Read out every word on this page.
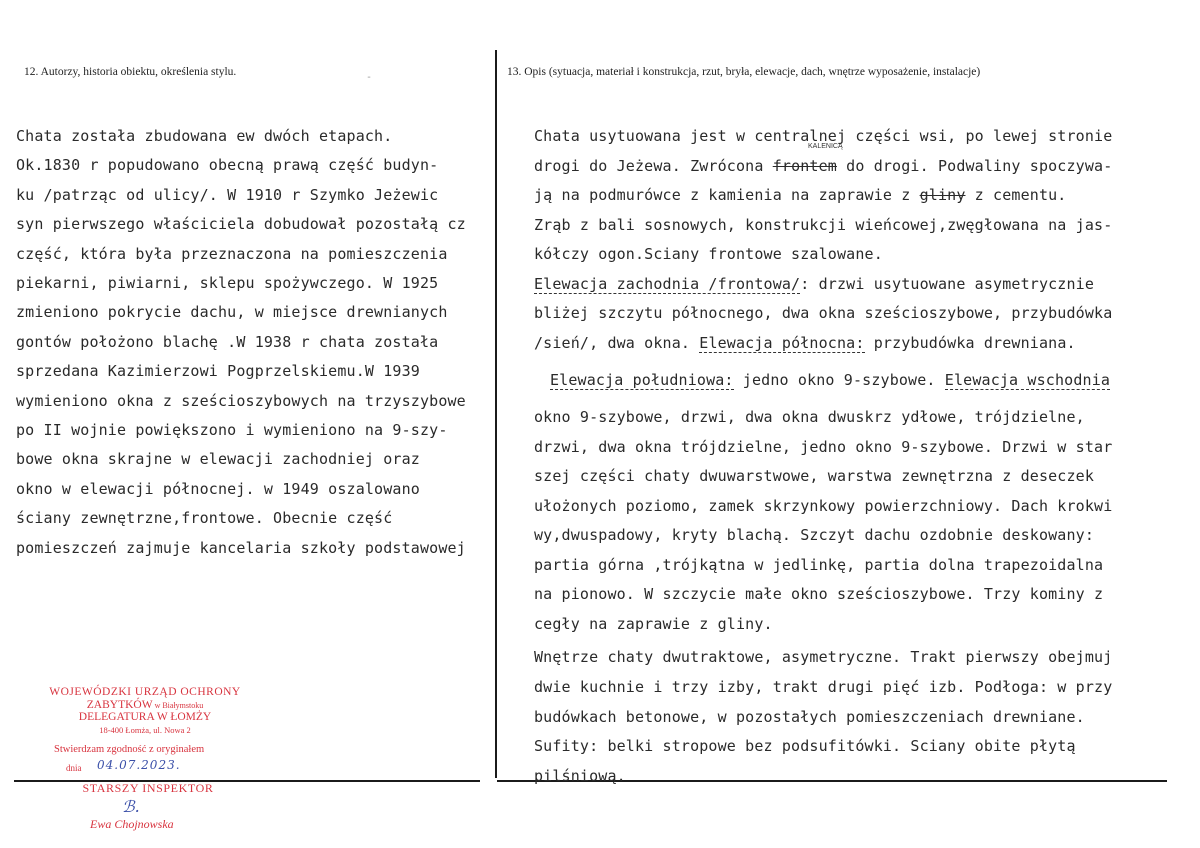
12. Autorzy, historia obiektu, określenia stylu.	13. Opis (sytuacja, materiał i konstrukcja, rzut, bryła, elewacje, dach, wnętrze wyposażenie, instalacje)
-
Chata została zbudowana ew dwóch etapach.
Ok.1830 r popudowano obecną prawą część budyn-
ku /patrząc od ulicy/. W 1910 r Szymko Jeżewic
syn pierwszego właściciela dobudował pozostałą cz
część, która była przeznaczona na pomieszczenia
piekarni, piwiarni, sklepu spożywczego. W 1925
zmieniono pokrycie dachu, w miejsce drewnianych
gontów położono blachę .W 1938 r chata została
sprzedana Kazimierzowi Pogprzelskiemu.W 1939
wymieniono okna z sześcioszybowych na trzyszybowe
po II wojnie powiększono i wymieniono na 9-szy-
bowe okna skrajne w elewacji zachodniej oraz
okno w elewacji północnej. w 1949 oszalowano
ściany zewnętrzne,frontowe. Obecnie część
pomieszczeń zajmuje kancelaria szkoły podstawowej
Chata usytuowana jest w centralnej części wsi, po lewej stronie
drogi do Jeżewa. Zwrócona frontem do drogi. Podwaliny spoczywa-
ją na podmurówce z kamienia na zaprawie z gliny z cementu.
Zrąb z bali sosnowych, konstrukcji wieńcowej,zwęgłowana na jas-
kółczy ogon.Sciany frontowe szalowane.
Elewacja zachodnia /frontowa/: drzwi usytuowane asymetrycznie
bliżej szczytu północnego, dwa okna sześcioszybowe, przybudówka
/sień/, dwa okna. Elewacja północna: przybudówka drewniana.
Elewacja południowa: jedno okno 9-szybowe. Elewacja wschodnia
okno 9-szybowe, drzwi, dwa okna dwuskrz ydłowe, trójdzielne,
drzwi, dwa okna trójdzielne, jedno okno 9-szybowe. Drzwi w star
szej części chaty dwuwarstwowe, warstwa zewnętrzna z deseczek
ułożonych poziomo, zamek skrzynkowy powierzchniowy. Dach krokwi
wy,dwuspadowy, kryty blachą. Szczyt dachu ozdobnie deskowany:
partia górna ,trójkątna w jedlinkę, partia dolna trapezoidalna
na pionowo. W szczycie małe okno sześcioszybowe. Trzy kominy z
cegły na zaprawie z gliny.
Wnętrze chaty dwutraktowe, asymetryczne. Trakt pierwszy obejmuj
dwie kuchnie i trzy izby, trakt drugi pięć izb. Podłoga: w przy
budówkach betonowe, w pozostałych pomieszczeniach drewniane.
Sufity: belki stropowe bez podsufitówki. Sciany obite płytą
pilśniową.
KALENICĄ
WOJEWÓDZKI URZĄD OCHRONY
ZABYTKÓW w Białymstoku
DELEGATURA W ŁOMŻY
18-400 Łomża, ul. Nowa 2
Stwierdzam zgodność z oryginałem
dnia 04.07.2023.
STARSZY INSPEKTOR
ℬ.
Ewa Chojnowska
